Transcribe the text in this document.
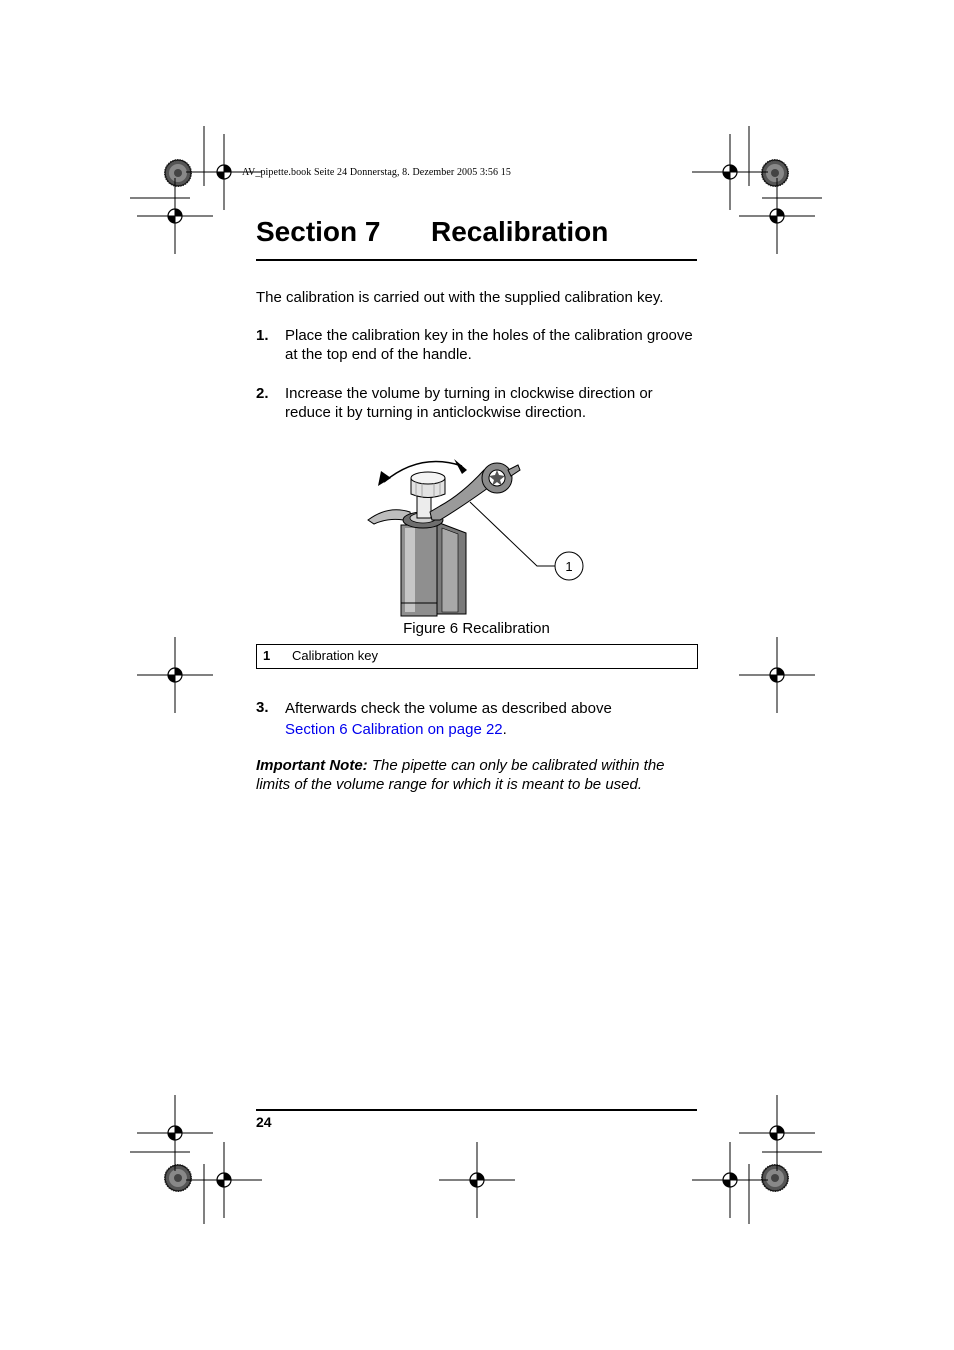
AV_pipette.book Seite 24 Donnerstag, 8. Dezember 2005 3:56 15
Section 7 Recalibration
The calibration is carried out with the supplied calibration key.
1. Place the calibration key in the holes of the calibration groove at the top end of the handle.
2. Increase the volume by turning in clockwise direction or reduce it by turning in anticlockwise direction.
1
Figure 6 Recalibration
1 Calibration key
3. Afterwards check the volume as described above
Section 6 Calibration on page 22.
Important Note: The pipette can only be calibrated within the limits of the volume range for which it is meant to be used.
24
